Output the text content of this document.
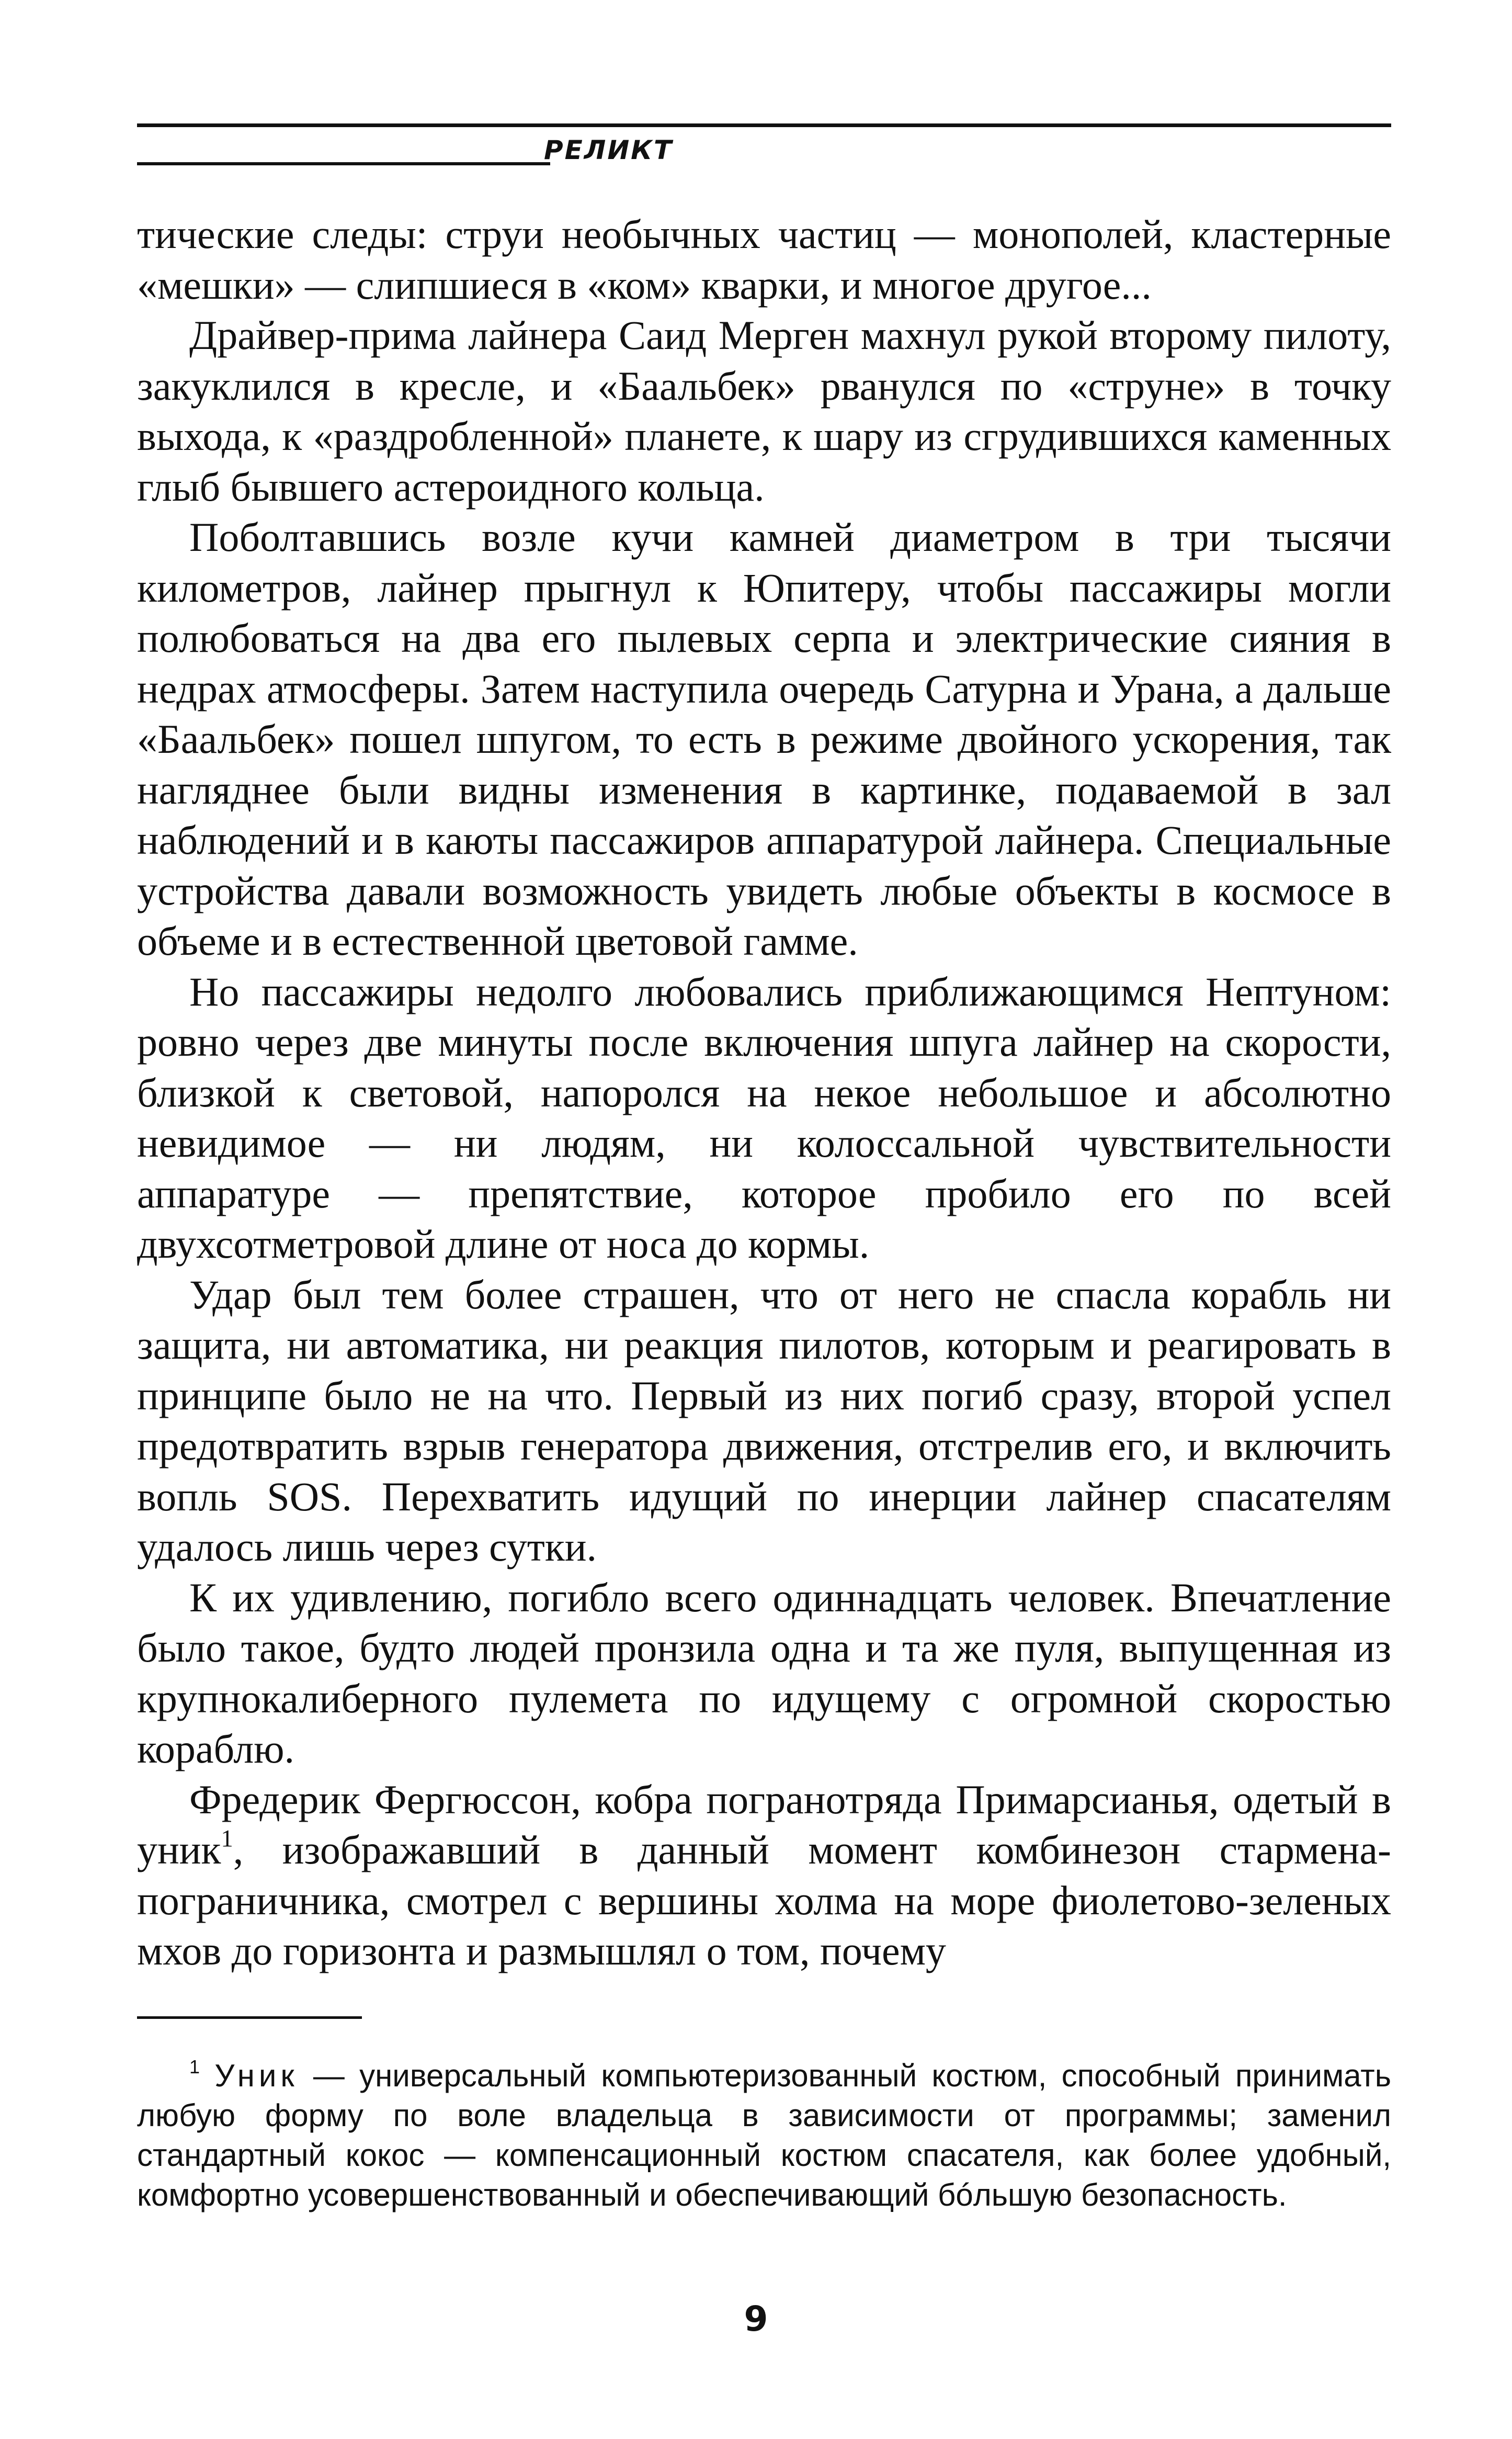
РЕЛИКТ

тические следы: струи необычных частиц — монополей, кластерные «мешки» — слипшиеся в «ком» кварки, и многое другое...

Драйвер-прима лайнера Саид Мерген махнул рукой второму пилоту, закуклился в кресле, и «Баальбек» рванулся по «струне» в точку выхода, к «раздробленной» планете, к шару из сгрудившихся каменных глыб бывшего астероидного кольца.

Поболтавшись возле кучи камней диаметром в три тысячи километров, лайнер прыгнул к Юпитеру, чтобы пассажиры могли полюбоваться на два его пылевых серпа и электрические сияния в недрах атмосферы. Затем наступила очередь Сатурна и Урана, а дальше «Баальбек» пошел шпугом, то есть в режиме двойного ускорения, так нагляднее были видны изменения в картинке, подаваемой в зал наблюдений и в каюты пассажиров аппаратурой лайнера. Специальные устройства давали возможность увидеть любые объекты в космосе в объеме и в естественной цветовой гамме.

Но пассажиры недолго любовались приближающимся Нептуном: ровно через две минуты после включения шпуга лайнер на скорости, близкой к световой, напоролся на некое небольшое и абсолютно невидимое — ни людям, ни колоссальной чувствительности аппаратуре — препятствие, которое пробило его по всей двухсотметровой длине от носа до кормы.

Удар был тем более страшен, что от него не спасла корабль ни защита, ни автоматика, ни реакция пилотов, которым и реагировать в принципе было не на что. Первый из них погиб сразу, второй успел предотвратить взрыв генератора движения, отстрелив его, и включить вопль SOS. Перехватить идущий по инерции лайнер спасателям удалось лишь через сутки.

К их удивлению, погибло всего одиннадцать человек. Впечатление было такое, будто людей пронзила одна и та же пуля, выпущенная из крупнокалиберного пулемета по идущему с огромной скоростью кораблю.

Фредерик Фергюссон, кобра погранотряда Примарсианья, одетый в уник$^1$, изображавший в данный момент комбинезон стармена-пограничника, смотрел с вершины холма на море фиолетово-зеленых мхов до горизонта и размышлял о том, почему

$^1$ Уник — универсальный компьютеризованный костюм, способный принимать любую форму по воле владельца в зависимости от программы; заменил стандартный кокос — компенсационный костюм спасателя, как более удобный, комфортно усовершенствованный и обеспечивающий бóльшую безопасность.

9
